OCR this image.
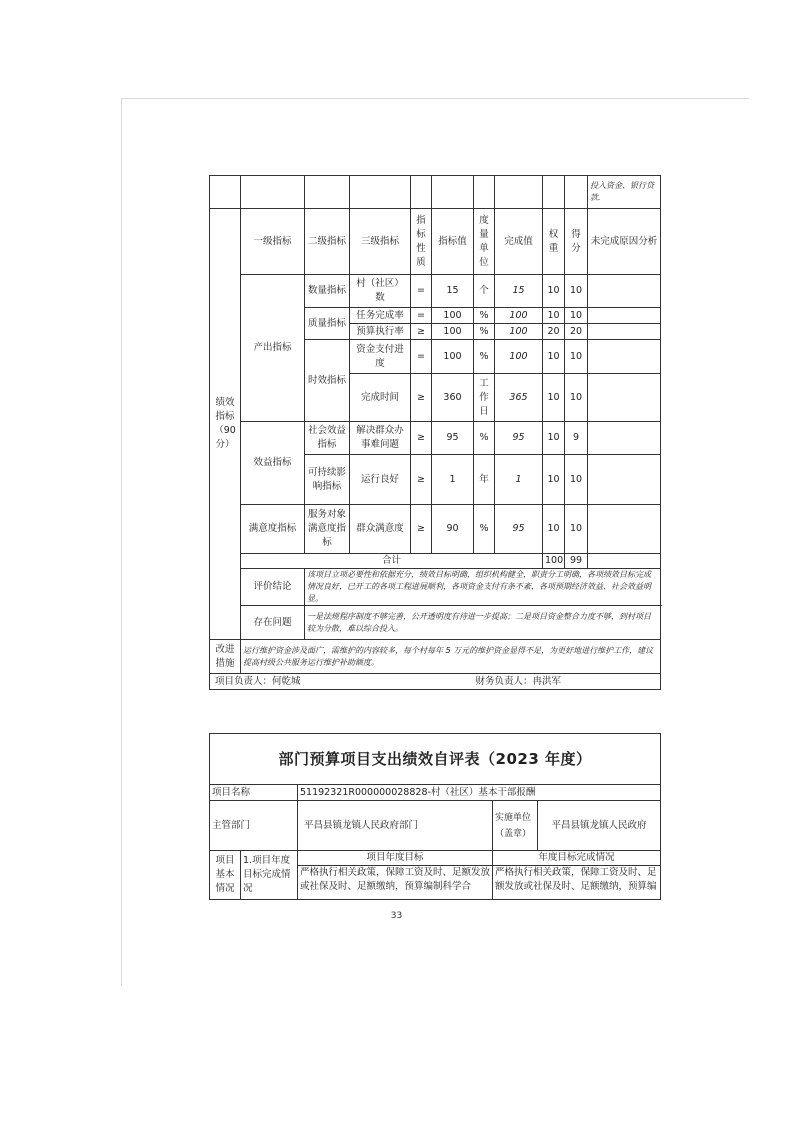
										投入资金、银行贷款.
绩效指标（90分）	一级指标	二级指标	三级指标	指标性质	指标值	度量单位	完成值	权重	得分	未完成原因分析
	产出指标	数量指标	村（社区）数	=	15	个	15	10	10	
		质量指标	任务完成率	=	100	%	100	10	10	
			预算执行率	≥	100	%	100	20	20	
		时效指标	资金支付进度	=	100	%	100	10	10	
			完成时间	≥	360	工作日	365	10	10	
	效益指标	社会效益指标	解决群众办事难问题	≥	95	%	95	10	9	
		可持续影响指标	运行良好	≥	1	年	1	10	10	
	满意度指标	服务对象满意度指标	群众满意度	≥	90	%	95	10	10	
	合计							100	99	
	评价结论	该项目立项必要性和依据充分，绩效目标明确，组织机构健全，职责分工明确，各项绩效目标完成情况良好，已开工的各项工程进展顺利，各项资金支付有条不紊，各项预期经济效益、社会效益明显。								
	存在问题	一是法规程序制度不够完善，公开透明度有待进一步提高；二是项目资金整合力度不够，到村项目较为分散，难以综合投入。								
改进措施	运行维护资金涉及面广，需维护的内容较多，每个村每年 5 万元的维护资金显得不足，为更好地进行维护工作，建议提高村级公共服务运行维护补助额度。									
项目负责人：何乾城						财务负责人：冉洪军				
部门预算项目支出绩效自评表（2023 年度）				
项目名称		51192321R000000028828-村（社区）基本干部报酬		
主管部门		平昌县镇龙镇人民政府部门	实施单位（盖章）	平昌县镇龙镇人民政府
项目基本情况	1.项目年度目标完成情况	项目年度目标	年度目标完成情况	
		严格执行相关政策，保障工资及时、足额发放或社保及时、足额缴纳，预算编制科学合	严格执行相关政策，保障工资及时、足额发放或社保及时、足额缴纳，预算编	
33
